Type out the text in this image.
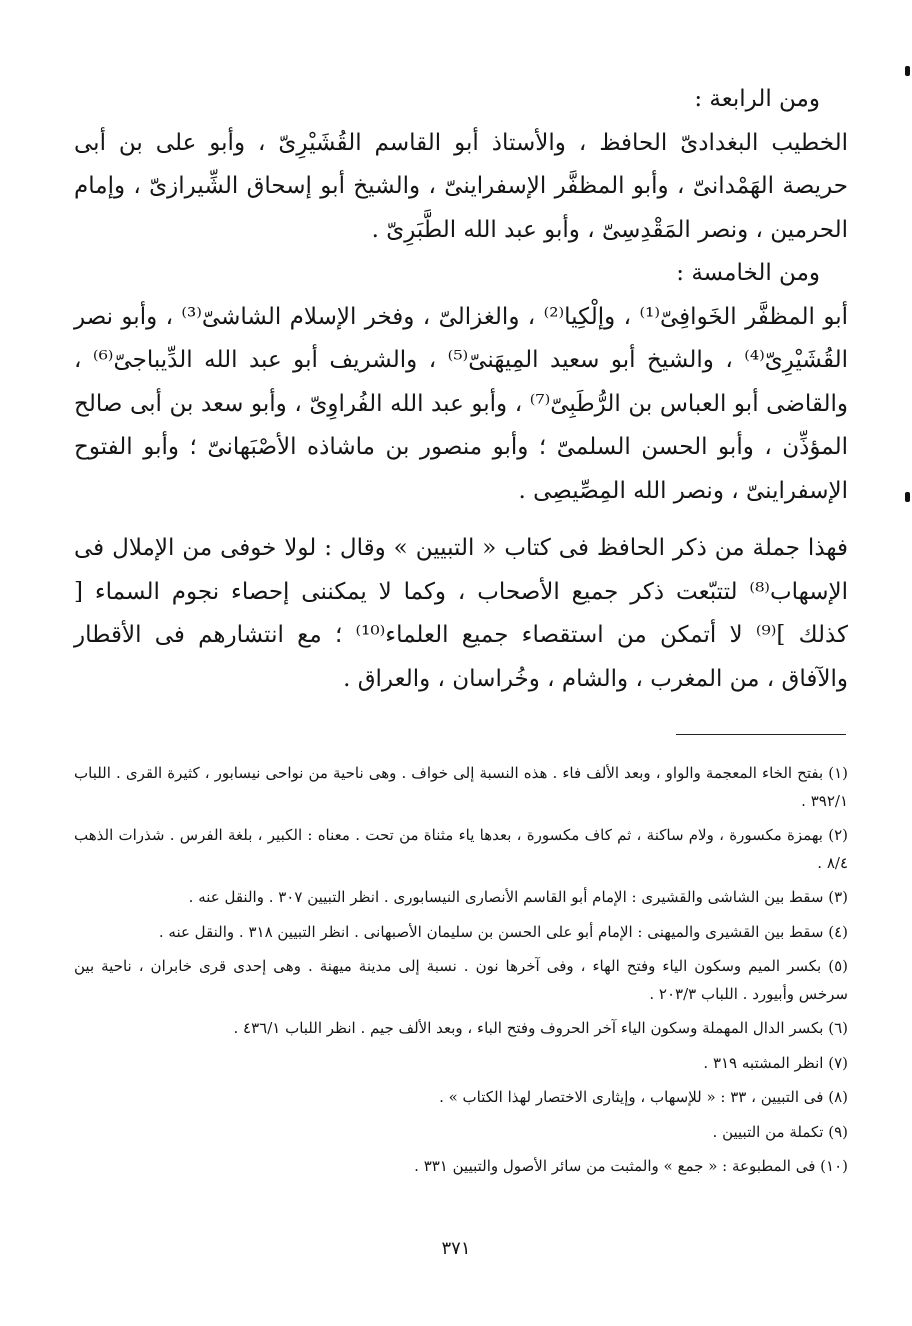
ومن الرابعة :

الخطيب البغدادىّ الحافظ ، والأستاذ أبو القاسم القُشَيْرِىّ ، وأبو على بن أبى حريصة الهَمْدانىّ ، وأبو المظفَّر الإسفراينىّ ، والشيخ أبو إسحاق الشِّيرازىّ ، وإمام الحرمين ، ونصر المَقْدِسِىّ ، وأبو عبد الله الطَّبَرِىّ .

ومن الخامسة :

أبو المظفَّر الخَوافِىّ⁽¹⁾ ، وإلْكِيا⁽²⁾ ، والغزالىّ ، وفخر الإسلام الشاشىّ⁽³⁾ ، وأبو نصر القُشَيْرِىّ⁽⁴⁾ ، والشيخ أبو سعيد المِيهَنىّ⁽⁵⁾ ، والشريف أبو عبد الله الدِّيباجىّ⁽⁶⁾ ، والقاضى أبو العباس بن الرُّطَبِىّ⁽⁷⁾ ، وأبو عبد الله الفُراوِىّ ، وأبو سعد بن أبى صالح المؤذِّن ، وأبو الحسن السلمىّ ؛ وأبو منصور بن ماشاذه الأصْبَهانىّ ؛ وأبو الفتوح الإسفراينىّ ، ونصر الله المِصِّيصِى .

فهذا جملة من ذكر الحافظ فى كتاب « التبيين » وقال : لولا خوفى من الإملال فى الإسهاب⁽⁸⁾ لتتبّعت ذكر جميع الأصحاب ، وكما لا يمكننى إحصاء نجوم السماء [ كذلك ]⁽⁹⁾ لا أتمكن من استقصاء جميع العلماء⁽¹⁰⁾ ؛ مع انتشارهم فى الأقطار والآفاق ، من المغرب ، والشام ، وخُراسان ، والعراق .

(١) بفتح الخاء المعجمة والواو ، وبعد الألف فاء . هذه النسبة إلى خواف . وهى ناحية من نواحى نيسابور ، كثيرة القرى . اللباب ٣٩٢/١ .

(٢) بهمزة مكسورة ، ولام ساكنة ، ثم كاف مكسورة ، بعدها ياء مثناة من تحت . معناه : الكبير ، بلغة الفرس . شذرات الذهب ٨/٤ .

(٣) سقط بين الشاشى والقشيرى : الإمام أبو القاسم الأنصارى النيسابورى . انظر التبيين ٣٠٧ . والنقل عنه .

(٤) سقط بين القشيرى والميهنى : الإمام أبو على الحسن بن سليمان الأصبهانى . انظر التبيين ٣١٨ . والنقل عنه .

(٥) بكسر الميم وسكون الياء وفتح الهاء ، وفى آخرها نون . نسبة إلى مدينة ميهنة . وهى إحدى قرى خابران ، ناحية بين سرخس وأبيورد . اللباب ٢٠٣/٣ .

(٦) بكسر الدال المهملة وسكون الياء آخر الحروف وفتح الباء ، وبعد الألف جيم . انظر اللباب ٤٣٦/١ .

(٧) انظر المشتبه ٣١٩ .

(٨) فى التبيين ، ٣٣ : « للإسهاب ، وإيثارى الاختصار لهذا الكتاب » .

(٩) تكملة من التبيين .

(١٠) فى المطبوعة : « جمع » والمثبت من سائر الأصول والتبيين ٣٣١ .

٣٧١
